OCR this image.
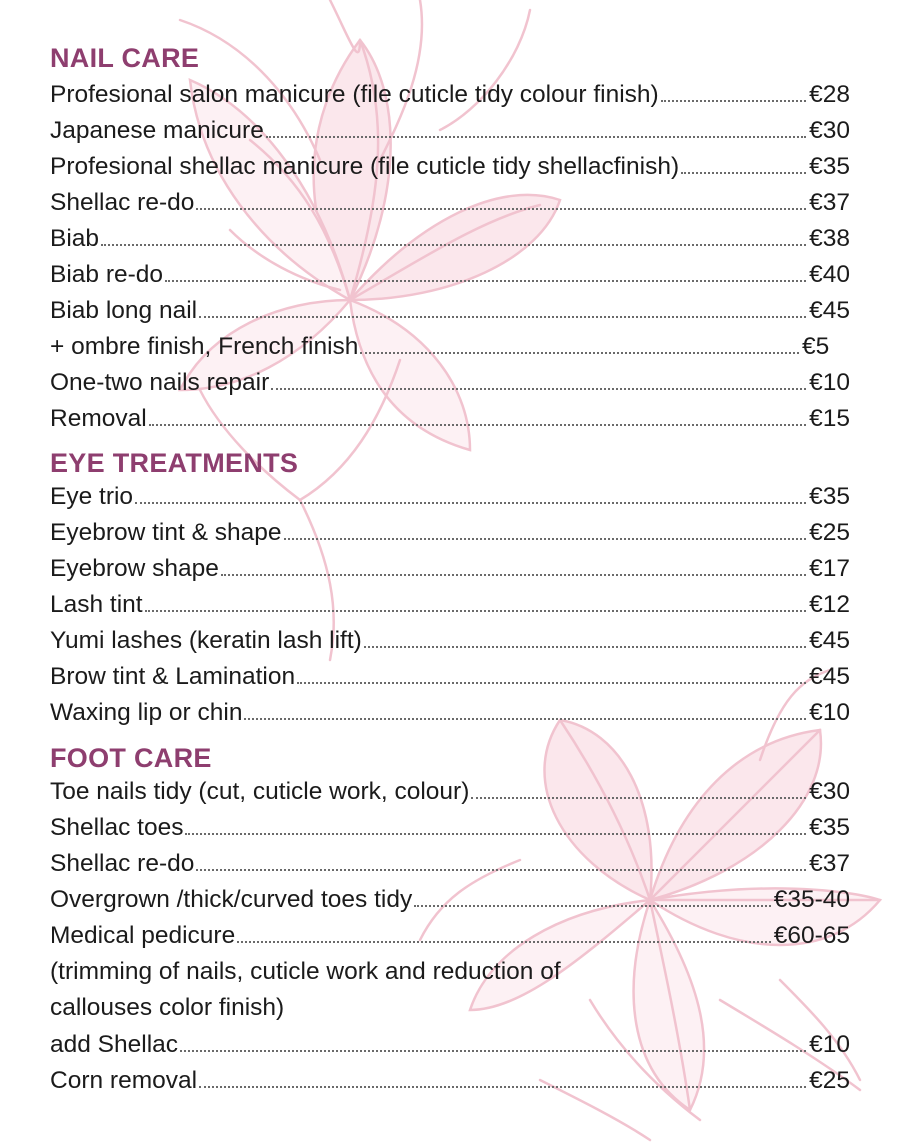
NAIL CARE
Profesional salon manicure (file cuticle tidy colour finish)	€28
Japanese manicure	€30
Profesional shellac manicure (file cuticle tidy shellacfinish)	€35
Shellac re-do	€37
Biab	€38
Biab re-do	€40
Biab long nail	€45
+ ombre finish, French finish	€5
One-two nails repair	€10
Removal	€15
EYE TREATMENTS
Eye trio	€35
Eyebrow tint & shape	€25
Eyebrow shape	€17
Lash tint	€12
Yumi lashes (keratin lash lift)	€45
Brow tint & Lamination	€45
Waxing lip or chin	€10
FOOT CARE
Toe nails tidy (cut, cuticle work, colour)	€30
Shellac toes	€35
Shellac re-do	€37
Overgrown /thick/curved toes tidy	€35-40
Medical pedicure	€60-65
(trimming of nails, cuticle work and reduction of
callouses color finish)
add Shellac	€10
Corn removal	€25
